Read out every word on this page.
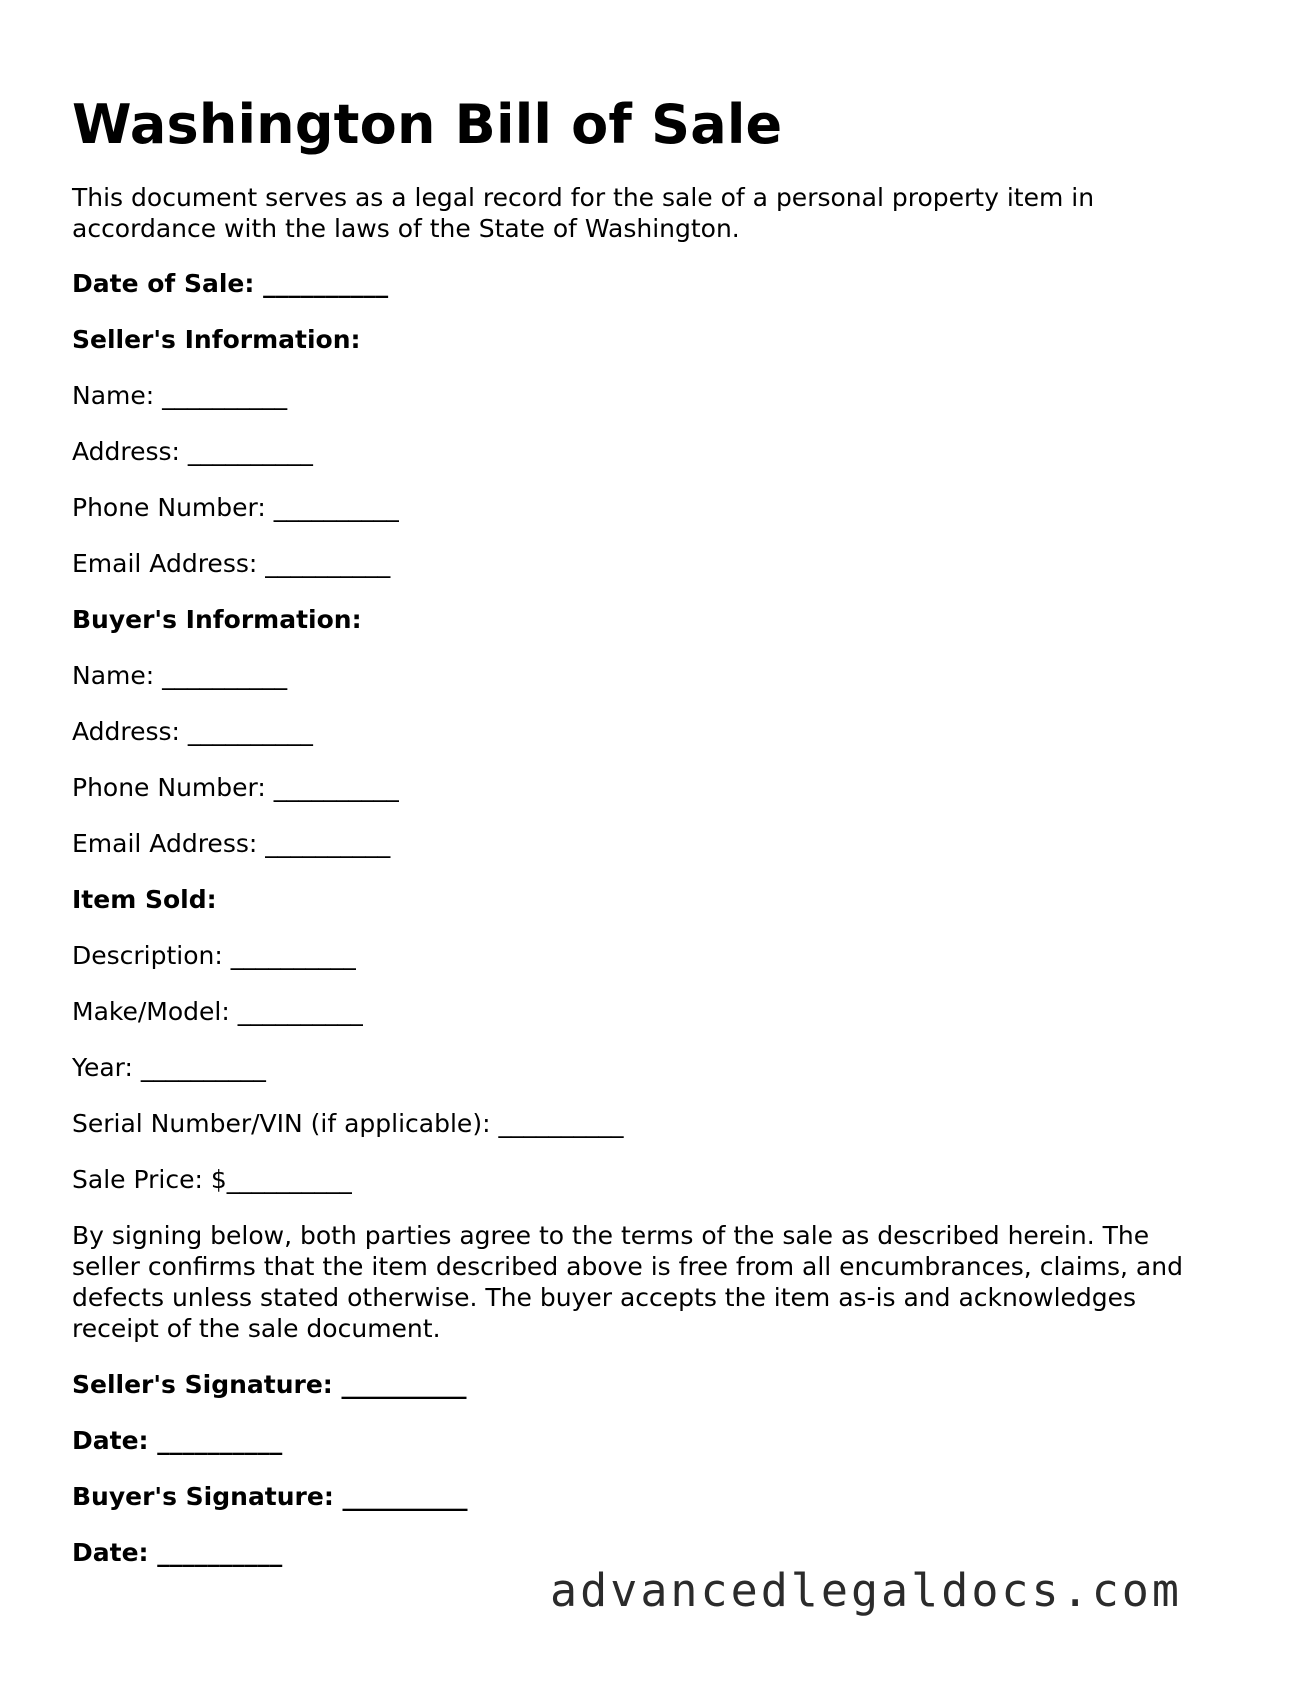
Washington Bill of Sale

This document serves as a legal record for the sale of a personal property item in accordance with the laws of the State of Washington.

Date of Sale: __________

Seller's Information:

Name: __________

Address: __________

Phone Number: __________

Email Address: __________

Buyer's Information:

Name: __________

Address: __________

Phone Number: __________

Email Address: __________

Item Sold:

Description: __________

Make/Model: __________

Year: __________

Serial Number/VIN (if applicable): __________

Sale Price: $__________

By signing below, both parties agree to the terms of the sale as described herein. The seller confirms that the item described above is free from all encumbrances, claims, and defects unless stated otherwise. The buyer accepts the item as-is and acknowledges receipt of the sale document.

Seller's Signature: __________

Date: __________

Buyer's Signature: __________

Date: __________

advancedlegaldocs.com
